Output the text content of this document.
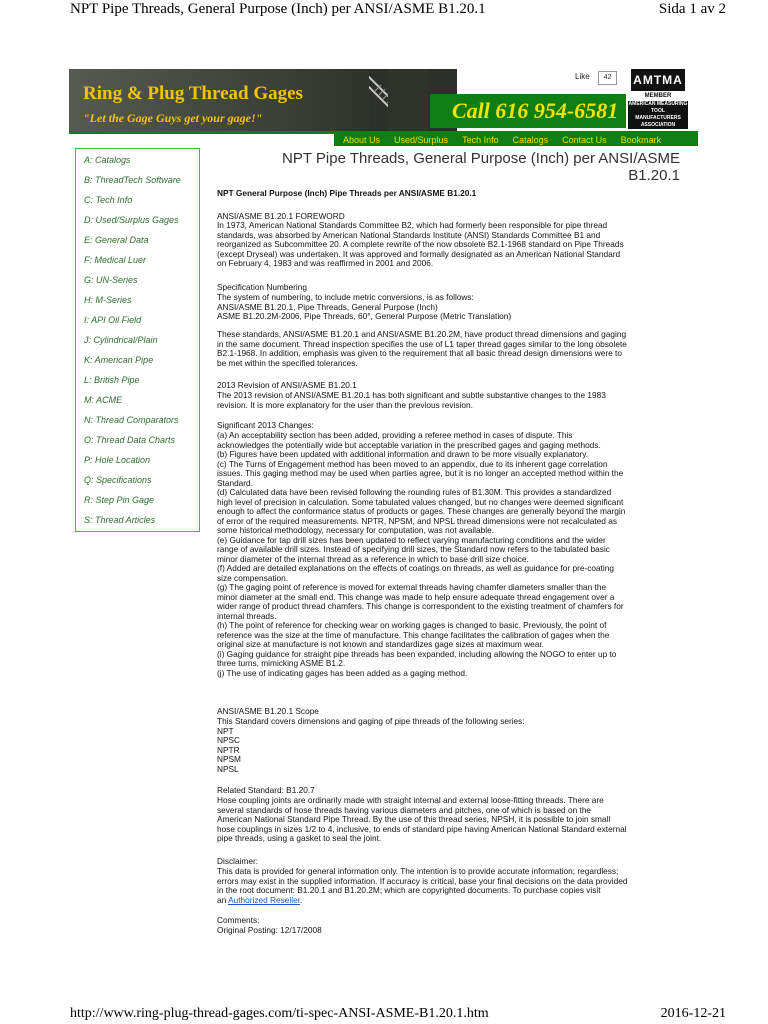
NPT Pipe Threads, General Purpose (Inch) per ANSI/ASME B1.20.1	Sida 1 av 2
Ring & Plug Thread Gages
"Let the Gage Guys get your gage!"
Like	42
Call 616 954-6581
AMTMA
MEMBER
AMERICAN MEASURING TOOL MANUFACTURERS ASSOCIATION
About Us Used/Surplus Tech Info Catalogs Contact Us Bookmark
A: Catalogs
B: ThreadTech Software
C: Tech Info
D: Used/Surplus Gages
E: General Data
F: Medical Luer
G: UN-Series
H: M-Series
I: API Oil Field
J: Cylindrical/Plain
K: American Pipe
L: British Pipe
M: ACME
N: Thread Comparators
O: Thread Data Charts
P: Hole Location
Q: Specifications
R: Step Pin Gage
S: Thread Articles
NPT Pipe Threads, General Purpose (Inch) per ANSI/ASME B1.20.1

NPT General Purpose (Inch) Pipe Threads per ANSI/ASME B1.20.1

ANSI/ASME B1.20.1 FOREWORD

In 1973, American National Standards Committee B2, which had formerly been responsible for pipe thread
standards, was absorbed by American National Standards Institute (ANSI) Standards Committee B1 and
reorganized as Subcommittee 20. A complete rewrite of the now obsolete B2.1-1968 standard on Pipe Threads
(except Dryseal) was undertaken. It was approved and formally designated as an American National Standard
on February 4, 1983 and was reaffirmed in 2001 and 2006.

Specification Numbering

The system of numbering, to include metric conversions, is as follows:
ANSI/ASME B1.20.1, Pipe Threads, General Purpose (Inch)
ASME B1.20.2M-2006, Pipe Threads, 60°, General Purpose (Metric Translation)
These standards, ANSI/ASME B1.20.1 and ANSI/ASME B1.20.2M, have product thread dimensions and gaging
in the same document. Thread inspection specifies the use of L1 taper thread gages similar to the long obsolete
B2.1-1968. In addition, emphasis was given to the requirement that all basic thread design dimensions were to
be met within the specified tolerances.

2013 Revision of ANSI/ASME B1.20.1

The 2013 revision of ANSI/ASME B1.20.1 has both significant and subtle substantive changes to the 1983
revision. It is more explanatory for the user than the previous revision.

Significant 2013 Changes:

(a) An acceptability section has been added, providing a referee method in cases of dispute. This
acknowledges the potentially wide but acceptable variation in the prescribed gages and gaging methods.
(b) Figures have been updated with additional information and drawn to be more visually explanatory.
(c) The Turns of Engagement method has been moved to an appendix, due to its inherent gage correlation
issues. This gaging method may be used when parties agree, but it is no longer an accepted method within the
Standard.
(d) Calculated data have been revised following the rounding rules of B1.30M. This provides a standardized
high level of precision in calculation. Some tabulated values changed, but no changes were deemed significant
enough to affect the conformance status of products or gages. These changes are generally beyond the margin
of error of the required measurements. NPTR, NPSM, and NPSL thread dimensions were not recalculated as
some historical methodology, necessary for computation, was not available.
(e) Guidance for tap drill sizes has been updated to reflect varying manufacturing conditions and the wider
range of available drill sizes. Instead of specifying drill sizes, the Standard now refers to the tabulated basic
minor diameter of the internal thread as a reference in which to base drill size choice.
(f) Added are detailed explanations on the effects of coatings on threads, as well as guidance for pre-coating
size compensation.
(g) The gaging point of reference is moved for external threads having chamfer diameters smaller than the
minor diameter at the small end. This change was made to help ensure adequate thread engagement over a
wider range of product thread chamfers. This change is correspondent to the existing treatment of chamfers for
internal threads.
(h) The point of reference for checking wear on working gages is changed to basic. Previously, the point of
reference was the size at the time of manufacture. This change facilitates the calibration of gages when the
original size at manufacture is not known and standardizes gage sizes at maximum wear.
(i) Gaging guidance for straight pipe threads has been expanded, including allowing the NOGO to enter up to
three turns, mimicking ASME B1.2.
(j) The use of indicating gages has been added as a gaging method.

ANSI/ASME B1.20.1 Scope

This Standard covers dimensions and gaging of pipe threads of the following series:
NPT
NPSC
NPTR
NPSM
NPSL

Related Standard: B1.20.7

Hose coupling joints are ordinarily made with straight internal and external loose-fitting threads. There are
several standards of hose threads having various diameters and pitches, one of which is based on the
American National Standard Pipe Thread. By the use of this thread series, NPSH, it is possible to join small
hose couplings in sizes 1/2 to 4, inclusive, to ends of standard pipe having American National Standard external
pipe threads, using a gasket to seal the joint.

Disclaimer:

This data is provided for general information only. The intention is to provide accurate information; regardless;
errors may exist in the supplied information. If accuracy is critical, base your final decisions on the data provided
in the root document: B1.20.1 and B1.20.2M; which are copyrighted documents. To purchase copies visit
an Authorized Reseller.

Comments:

Original Posting: 12/17/2008

http://www.ring-plug-thread-gages.com/ti-spec-ANSI-ASME-B1.20.1.htm	2016-12-21
